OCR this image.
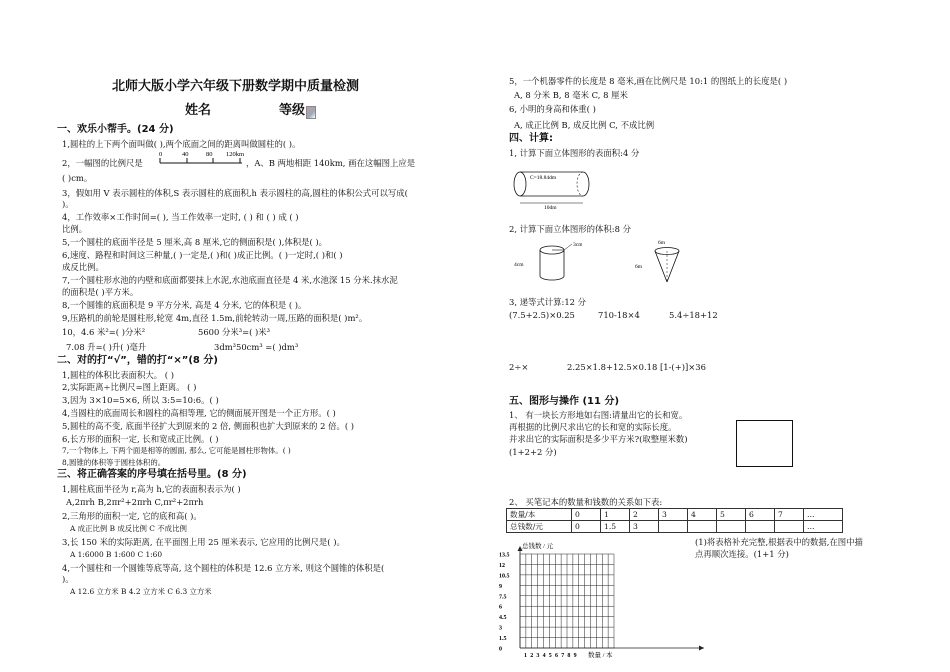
北师大版小学六年级下册数学期中质量检测
姓名	等级
一、欢乐小帮手。(24 分)
1,圆柱的上下两个面叫做( ),两个底面之间的距离叫做圆柱的( )。
2，一幅图的比例尺是
0	40	80 120km
，A、B 两地相距 140km, 画在这幅图上应是
( )cm。
3，假如用 V 表示圆柱的体积,S 表示圆柱的底面积,h 表示圆柱的高,圆柱的体积公式可以写成(
)。
4，工作效率×工作时间=( ), 当工作效率一定时, ( ) 和 ( ) 成 ( )
比例。
5,一个圆柱的底面半径是 5 厘米,高 8 厘米,它的侧面积是( ),体积是( )。
6,速度、路程和时间这三种量,( )一定是,( )和( )成正比例。( )一定时,( )和( )
成反比例。
7,一个圆柱形水池的内壁和底面都要抹上水泥,水池底面直径是 4 米,水池深 15 分米.抹水泥
的面积是( )平方米。
8,一个圆锥的底面积是 9 平方分米, 高是 4 分米, 它的体积是 ( )。
9,压路机的前轮是圆柱形,轮宽 4m,直径 1.5m,前轮转动一周,压路的面积是( )m²。
10，4.6 米²=( )分米²	5600 分米³=( )米³
7.08 升=( )升( )毫升	3dm³50cm³ =( )dm³
二、对的打“√”，错的打“×”(8 分)
1,圆柱的体积比表面积大。 ( )
2,实际距离÷比例尺=图上距离。 ( )
3,因为 3×10=5×6, 所以 3:5=10:6。( )
4,当圆柱的底面周长和圆柱的高相等理, 它的侧面展开图是一个正方形。( )
5,圆柱的高不变, 底面半径扩大到原来的 2 倍, 侧面积也扩大到原来的 2 倍。( )
6,长方形的面积一定, 长和宽成正比例。( )
7,一个物体上, 下两个面是相等的圆面, 那么, 它可能是圆柱形物体。( )
8,圆锥的体积等于圆柱体积的。
三、将正确答案的序号填在括号里。(8 分)
1,圆柱底面半径为 r,高为 h,它的表面积表示为( )
A,2πrh B,2πr²+2πrh C,πr²+2πrh
2,三角形的面积一定, 它的底和高( )。
A 成正比例 B 成反比例 C 不成比例
3,长 150 米的实际距离, 在平面图上用 25 厘米表示, 它应用的比例尺是( )。
A 1:6000 B 1:600 C 1:60
4,一个圆柱和一个圆锥等底等高, 这个圆柱的体积是 12.6 立方米, 则这个圆锥的体积是(
)。
A 12.6 立方米 B 4.2 立方米 C 6.3 立方米
5，一个机器零件的长度是 8 毫米,画在比例尺是 10:1 的图纸上的长度是( )
A, 8 分米 B, 8 毫米 C, 8 厘米
6, 小明的身高和体重( )
A, 成正比例 B, 成反比例 C, 不成比例
四、计算:
1, 计算下面立体图形的表面积:4 分
C=18.84dm
10dm
2, 计算下面立体图形的体积:8 分
3cm
4cm
6m
6m
3, 递等式计算:12 分
(7.5+2.5)×0.25	710-18×4	5.4÷18+12
2÷×	2.25×1.8+12.5×0.18 [1-(+)]×36
五、图形与操作 (11 分)
1、 有一块长方形地如右图:请量出它的长和宽。
再根据的比例尺求出它的长和宽的实际长度。
并求出它的实际面积是多少平方米?(取整厘米数)
(1+2+2 分)
2、 买笔记本的数量和钱数的关系如下表:
数量/本	0	1	2	3	4	5	6	7	…
总钱数/元	0	1.5	3						…
(1)将表格补充完整,根据表中的数据,在图中描
点再顺次连接。(1+1 分)
总钱数 / 元
数量 / 本
13.5
12
10.5
9
7.5
6
4.5
3
1.5
0
1 2 3 4 5 6 7 8 9
